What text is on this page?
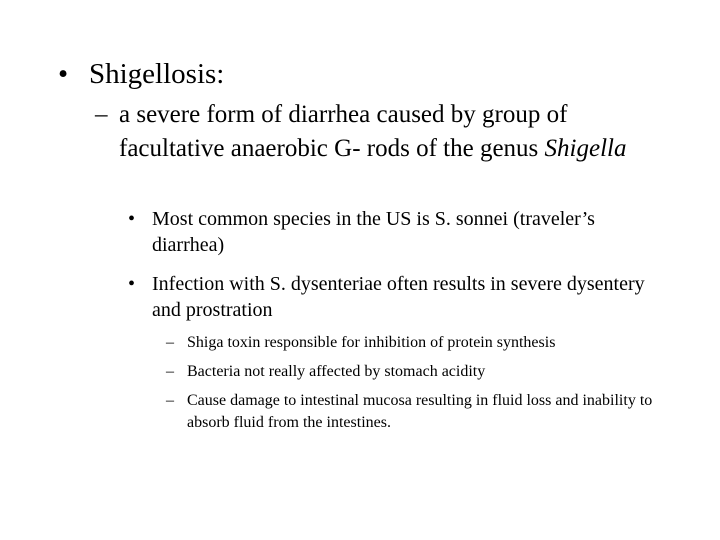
• Shigellosis:
– a severe form of diarrhea caused by group of facultative anaerobic G- rods of the genus Shigella
• Most common species in the US is S. sonnei (traveler’s diarrhea)
• Infection with S. dysenteriae often results in severe dysentery and prostration
– Shiga toxin responsible for inhibition of protein synthesis
– Bacteria not really affected by stomach acidity
– Cause damage to intestinal mucosa resulting in fluid loss and inability to absorb fluid from the intestines.
